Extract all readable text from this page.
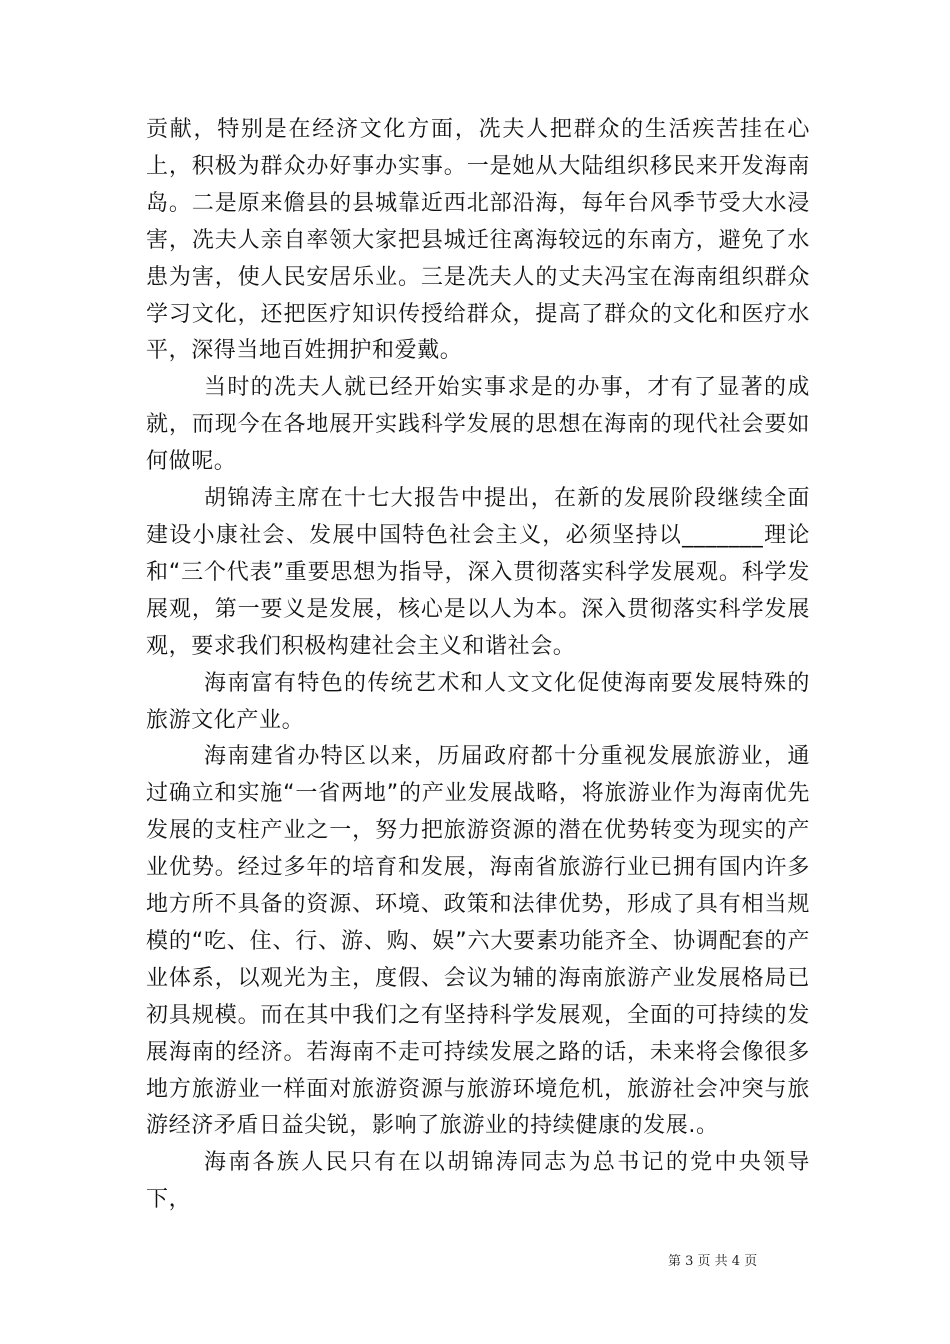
贡献，特别是在经济文化方面，冼夫人把群众的生活疾苦挂在心上，积极为群众办好事办实事。一是她从大陆组织移民来开发海南岛。二是原来儋县的县城靠近西北部沿海，每年台风季节受大水浸害，冼夫人亲自率领大家把县城迁往离海较远的东南方，避免了水患为害，使人民安居乐业。三是冼夫人的丈夫冯宝在海南组织群众学习文化，还把医疗知识传授给群众，提高了群众的文化和医疗水平，深得当地百姓拥护和爱戴。

当时的冼夫人就已经开始实事求是的办事，才有了显著的成就，而现今在各地展开实践科学发展的思想在海南的现代社会要如何做呢。

胡锦涛主席在十七大报告中提出，在新的发展阶段继续全面建设小康社会、发展中国特色社会主义，必须坚持以_______理论和“三个代表”重要思想为指导，深入贯彻落实科学发展观。科学发展观，第一要义是发展，核心是以人为本。深入贯彻落实科学发展观，要求我们积极构建社会主义和谐社会。

海南富有特色的传统艺术和人文文化促使海南要发展特殊的旅游文化产业。

海南建省办特区以来，历届政府都十分重视发展旅游业，通过确立和实施“一省两地”的产业发展战略，将旅游业作为海南优先发展的支柱产业之一，努力把旅游资源的潜在优势转变为现实的产业优势。经过多年的培育和发展，海南省旅游行业已拥有国内许多地方所不具备的资源、环境、政策和法律优势，形成了具有相当规模的“吃、住、行、游、购、娱”六大要素功能齐全、协调配套的产业体系，以观光为主，度假、会议为辅的海南旅游产业发展格局已初具规模。而在其中我们之有坚持科学发展观，全面的可持续的发展海南的经济。若海南不走可持续发展之路的话，未来将会像很多地方旅游业一样面对旅游资源与旅游环境危机，旅游社会冲突与旅游经济矛盾日益尖锐，影响了旅游业的持续健康的发展.。

海南各族人民只有在以胡锦涛同志为总书记的党中央领导下，

第 3 页 共 4 页
